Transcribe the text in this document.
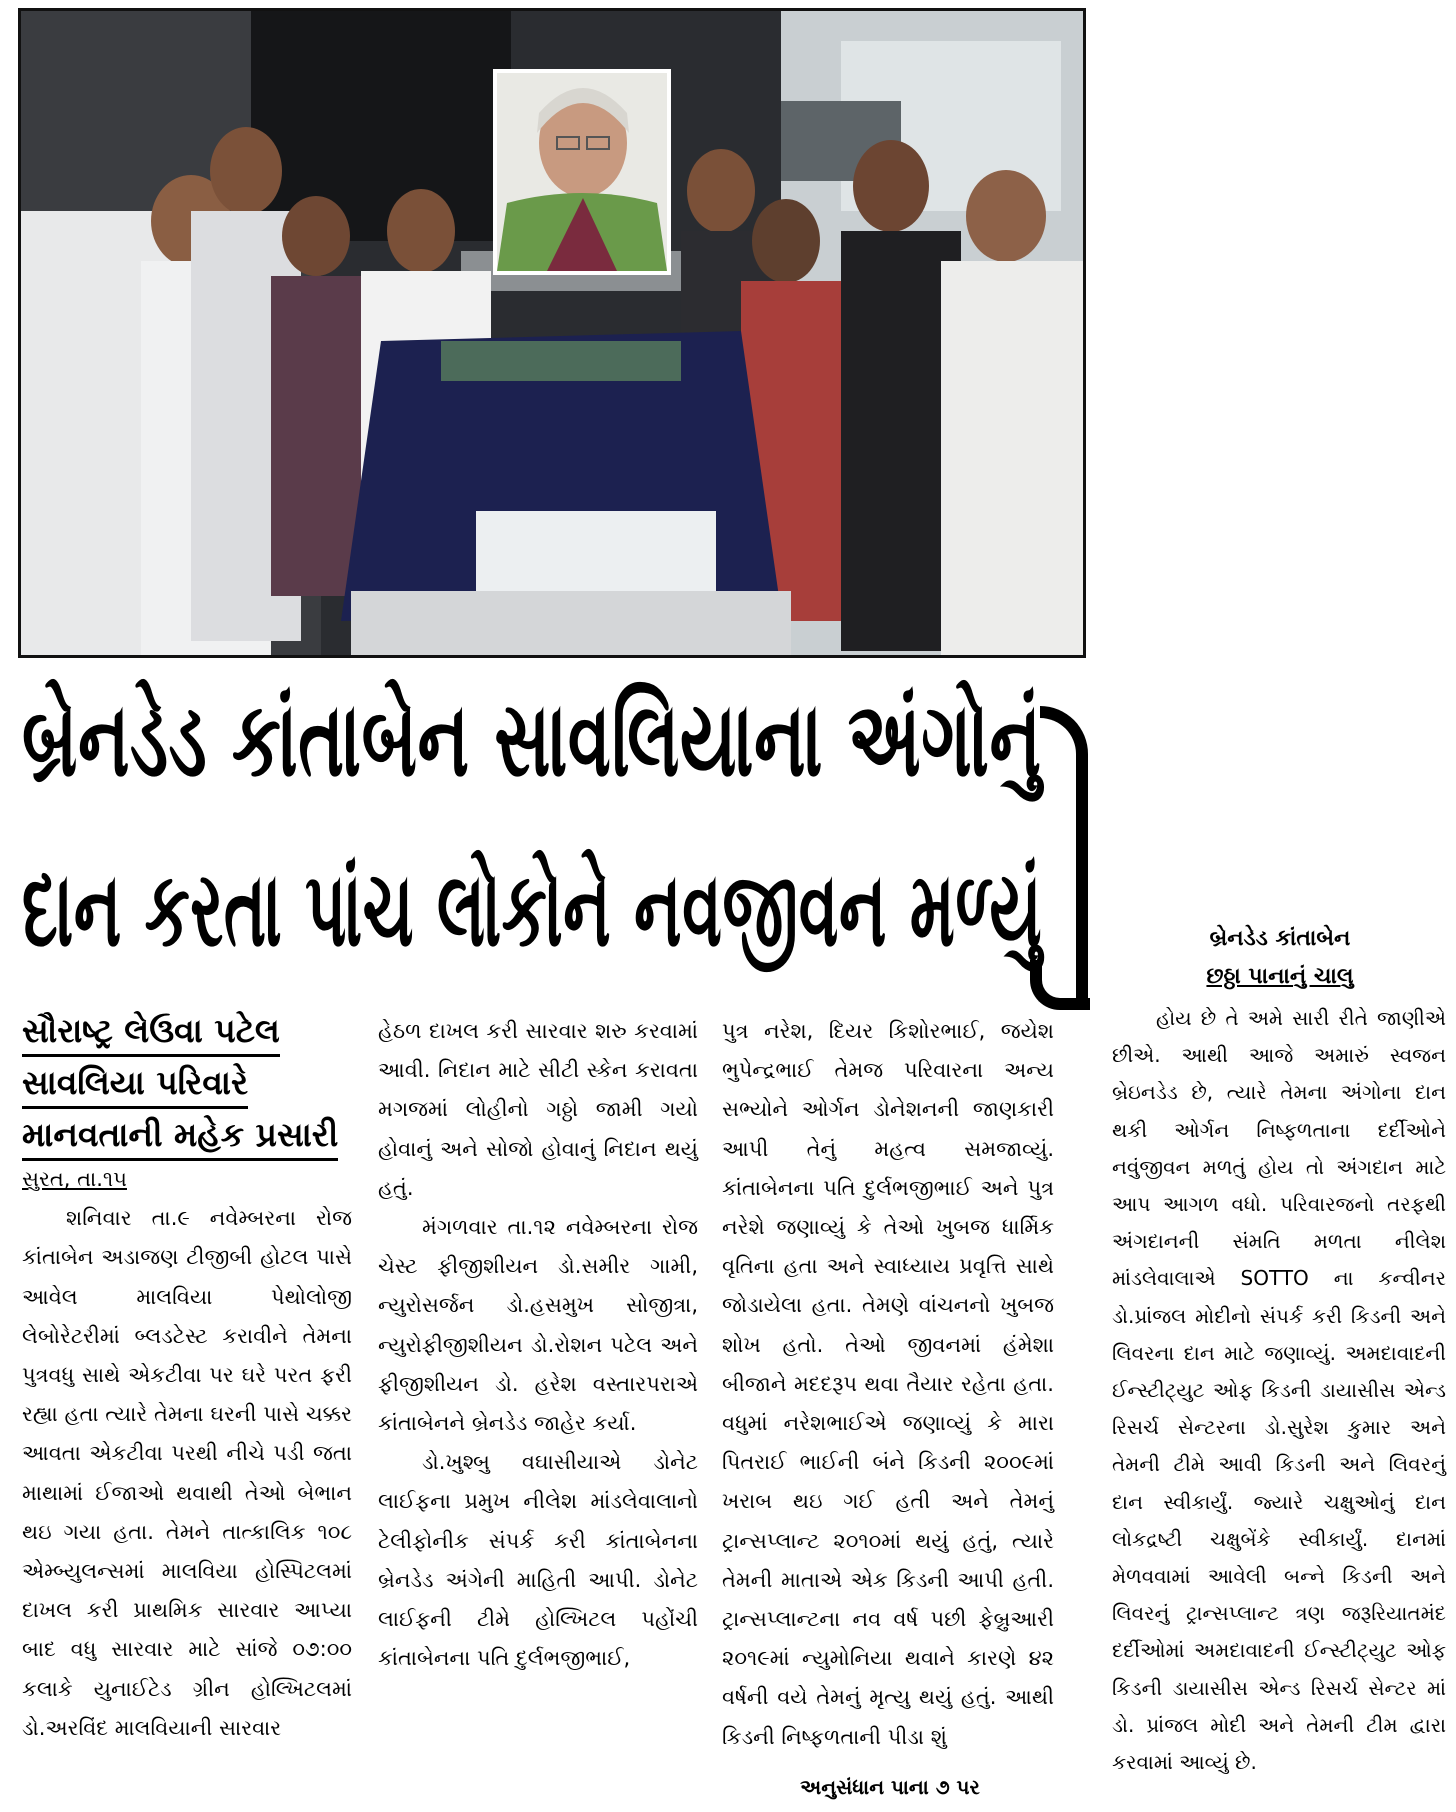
બ્રેનડેડ કાંતાબેન સાવલિયાના અંગોનું
દાન કરતા પાંચ લોકોને નવજીવન મળ્યું
સૌરાષ્ટ્ર લેઉવા પટેલ
સાવલિયા પરિવારે
માનવતાની મહેક પ્રસારી

સુરત, તા.૧૫

શનિવાર તા.૯ નવેમ્બરના રોજ કાંતાબેન અડાજણ ટીજીબી હોટલ પાસે આવેલ માલવિયા પેથોલોજી લેબોરેટરીમાં બ્લડટેસ્ટ કરાવીને તેમના પુત્રવધુ સાથે એકટીવા પર ઘરે પરત ફરી રહ્યા હતા ત્યારે તેમના ઘરની પાસે ચક્કર આવતા એકટીવા પરથી નીચે પડી જતા માથામાં ઈજાઓ થવાથી તેઓ બેભાન થઇ ગયા હતા. તેમને તાત્કાલિક ૧૦૮ એમ્બ્યુલન્સમાં માલવિયા હોસ્પિટલમાં દાખલ કરી પ્રાથમિક સારવાર આપ્યા બાદ વધુ સારવાર માટે સાંજે ૦૭:૦૦ કલાકે યુનાઈટેડ ગ્રીન હોલ્ખિટલમાં ડો.અરવિંદ માલવિયાની સારવાર

હેઠળ દાખલ કરી સારવાર શરુ કરવામાં આવી. નિદાન માટે સીટી સ્કેન કરાવતા મગજમાં લોહીનો ગઠ્ઠો જામી ગયો હોવાનું અને સોજો હોવાનું નિદાન થયું હતું.

મંગળવાર તા.૧૨ નવેમ્બરના રોજ ચેસ્ટ ફીજીશીયન ડો.સમીર ગામી, ન્યુરોસર્જન ડો.હસમુખ સોજીત્રા, ન્યુરોફીજીશીયન ડો.રોશન પટેલ અને ફીજીશીયન ડો. હરેશ વસ્તારપરાએ કાંતાબેનને બ્રેનડેડ જાહેર કર્યા.

ડો.ખુશ્બુ વઘાસીયાએ ડોનેટ લાઈફના પ્રમુખ નીલેશ માંડલેવાલાનો ટેલીફોનીક સંપર્ક કરી કાંતાબેનના બ્રેનડેડ અંગેની માહિતી આપી. ડોનેટ લાઈફની ટીમે હોલ્ખિટલ પહોંચી કાંતાબેનના પતિ દુર્લભજીભાઈ,

પુત્ર નરેશ, દિયર કિશોરભાઈ, જયેશ ભુપેન્દ્રભાઈ તેમજ પરિવારના અન્ય સભ્યોને ઓર્ગન ડોનેશનની જાણકારી આપી તેનું મહત્વ સમજાવ્યું. કાંતાબેનના પતિ દુર્લભજીભાઈ અને પુત્ર નરેશે જણાવ્યું કે તેઓ ખુબજ ધાર્મિક વૃતિના હતા અને સ્વાધ્યાય પ્રવૃત્તિ સાથે જોડાયેલા હતા. તેમણે વાંચનનો ખુબજ શોખ હતો. તેઓ જીવનમાં હંમેશા બીજાને મદદરૂપ થવા તૈયાર રહેતા હતા. વધુમાં નરેશભાઈએ જણાવ્યું કે મારા પિતરાઈ ભાઈની બંને કિડની ૨૦૦૯માં ખરાબ થઇ ગઈ હતી અને તેમનું ટ્રાન્સપ્લાન્ટ ૨૦૧૦માં થયું હતું, ત્યારે તેમની માતાએ એક કિડની આપી હતી. ટ્રાન્સપ્લાન્ટના નવ વર્ષ પછી ફેબ્રુઆરી ૨૦૧૯માં ન્યુમોનિયા થવાને કારણે ૪૨ વર્ષની વયે તેમનું મૃત્યુ થયું હતું. આથી કિડની નિષ્ફળતાની પીડા શું

અનુસંધાન પાના ૭ પર
બ્રેનડેડ કાંતાબેન
છઠ્ઠા પાનાનું ચાલુ

હોય છે તે અમે સારી રીતે જાણીએ છીએ. આથી આજે અમારું સ્વજન બ્રેઇનડેડ છે, ત્યારે તેમના અંગોના દાન થકી ઓર્ગન નિષ્ફળતાના દર્દીઓને નવુંજીવન મળતું હોય તો અંગદાન માટે આપ આગળ વધો. પરિવારજનો તરફથી અંગદાનની સંમતિ મળતા નીલેશ માંડલેવાલાએ SOTTO ના કન્વીનર ડો.પ્રાંજલ મોદીનો સંપર્ક કરી કિડની અને લિવરના દાન માટે જણાવ્યું. અમદાવાદની ઈન્સ્ટીટ્યુટ ઓફ કિડની ડાયાસીસ એન્ડ રિસર્ચ સેન્ટરના ડો.સુરેશ કુમાર અને તેમની ટીમે આવી કિડની અને લિવરનું દાન સ્વીકાર્યું. જ્યારે ચક્ષુઓનું દાન લોકદ્રષ્ટી ચક્ષુબેંકે સ્વીકાર્યું. દાનમાં મેળવવામાં આવેલી બન્ને કિડની અને લિવરનું ટ્રાન્સપ્લાન્ટ ત્રણ જરૂરિયાતમંદ દર્દીઓમાં અમદાવાદની ઈન્સ્ટીટ્યુટ ઓફ કિડની ડાયાસીસ એન્ડ રિસર્ચ સેન્ટર માં ડો. પ્રાંજલ મોદી અને તેમની ટીમ દ્વારા કરવામાં આવ્યું છે.
